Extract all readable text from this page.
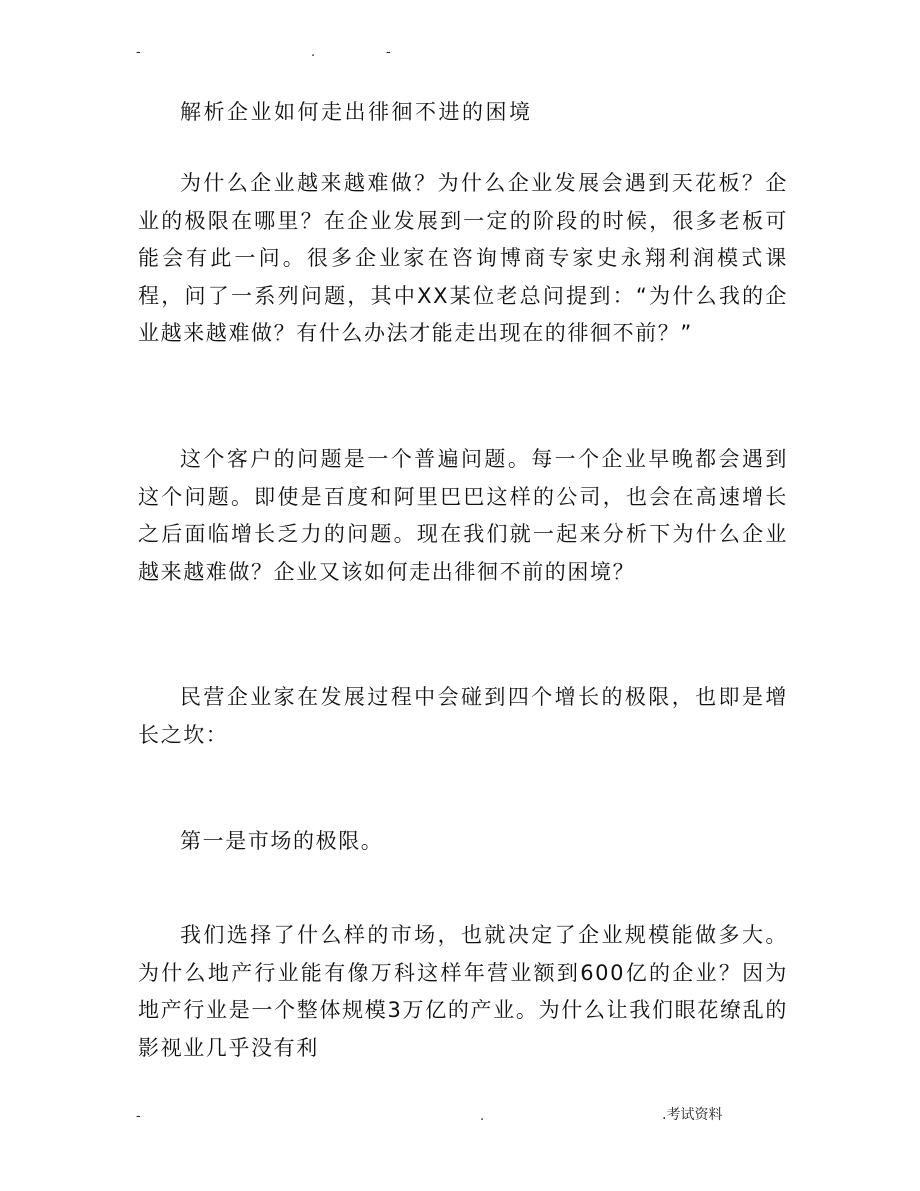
-	.	-
解析企业如何走出徘徊不进的困境

为什么企业越来越难做？为什么企业发展会遇到天花板？企业的极限在哪里？在企业发展到一定的阶段的时候，很多老板可能会有此一问。很多企业家在咨询博商专家史永翔利润模式课程，问了一系列问题，其中XX某位老总问提到：“为什么我的企业越来越难做？有什么办法才能走出现在的徘徊不前？”

这个客户的问题是一个普遍问题。每一个企业早晚都会遇到这个问题。即使是百度和阿里巴巴这样的公司，也会在高速增长之后面临增长乏力的问题。现在我们就一起来分析下为什么企业越来越难做？企业又该如何走出徘徊不前的困境？

民营企业家在发展过程中会碰到四个增长的极限，也即是增长之坎：

第一是市场的极限。

我们选择了什么样的市场，也就决定了企业规模能做多大。为什么地产行业能有像万科这样年营业额到600亿的企业？因为地产行业是一个整体规模3万亿的产业。为什么让我们眼花缭乱的影视业几乎没有利

-	.	.考试资料
